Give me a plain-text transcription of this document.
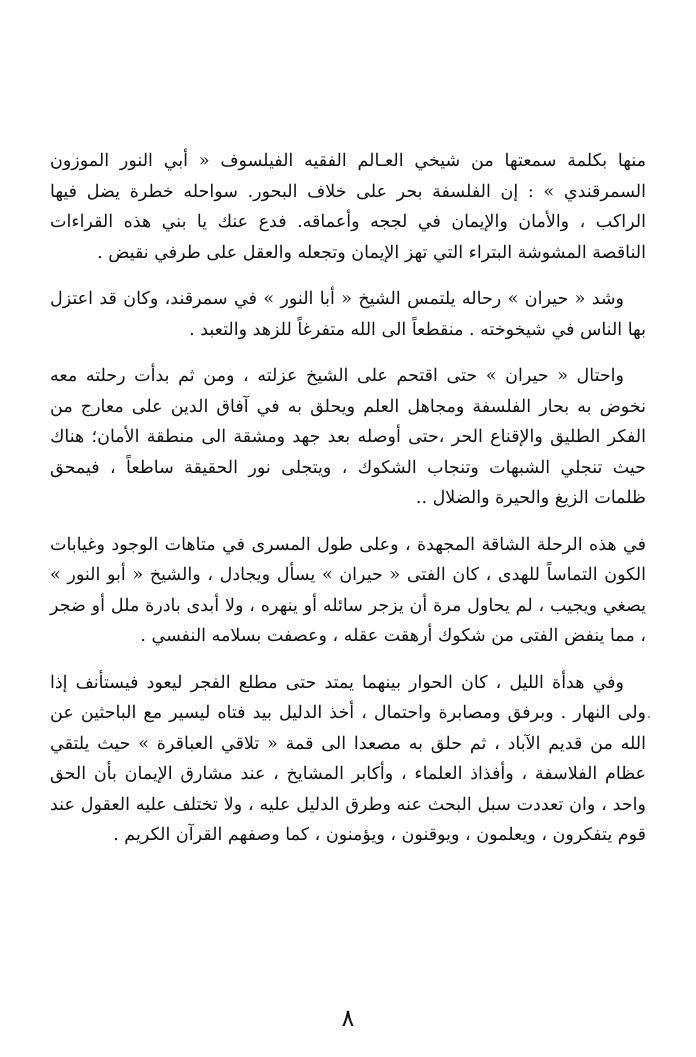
منها بكلمة سمعتها من شيخي العـالم الفقيه الفيلسوف « أبي النور الموزون السمرقندي » : إن الفلسفة بحر على خلاف البحور. سواحله خطرة يضل فيها الراكب ، والأمان والإيمان في لججه وأعماقه. فدع عنك يا بني هذه القراءات الناقصة المشوشة البتراء التي تهز الإيمان وتجعله والعقل على طرفي نقيض .

وشد « حيران » رحاله يلتمس الشيخ « أبا النور » في سمرقند، وكان قد اعتزل بها الناس في شيخوخته . منقطعاً الى الله متفرغاً للزهد والتعبد .

واحتال « حيران » حتى اقتحم على الشيخ عزلته ، ومن ثم بدأت رحلته معه نخوض به بحار الفلسفة ومجاهل العلم ويحلق به في آفاق الدين على معارج من الفكر الطليق والإقناع الحر ،حتى أوصله بعد جهد ومشقة الى منطقة الأمان؛ هناك حيث تنجلي الشبهات وتنجاب الشكوك ، ويتجلى نور الحقيقة ساطعاً ، فيمحق ظلمات الزيغ والحيرة والضلال ..

في هذه الرحلة الشاقة المجهدة ، وعلى طول المسرى في متاهات الوجود وغيابات الكون التماساً للهدى ، كان الفتى « حيران » يسأل ويجادل ، والشيخ « أبو النور » يصغي ويجيب ، لم يحاول مرة أن يزجر سائله أو ينهره ، ولا أبدى بادرة ملل أو ضجر ، مما ينفض الفتى من شكوك أرهقت عقله ، وعصفت بسلامه النفسي .

وفي هدأة الليل ، كان الحوار بينهما يمتد حتى مطلع الفجر ليعود فيستأنف إذا ولى النهار . وبرفق ومصابرة واحتمال ، أخذ الدليل بيد فتاه ليسير مع الباحثين عن الله من قديم الآباد ، ثم حلق به مصعدا الى قمة « تلاقي العباقرة » حيث يلتقي عظام الفلاسفة ، وأفذاذ العلماء ، وأكابر المشايخ ، عند مشارق الإيمان بأن الحق واحد ، وان تعددت سبل البحث عنه وطرق الدليل عليه ، ولا تختلف عليه العقول عند قوم يتفكرون ، ويعلمون ، ويوقنون ، ويؤمنون ، كما وصفهم القرآن الكريم .

٨
